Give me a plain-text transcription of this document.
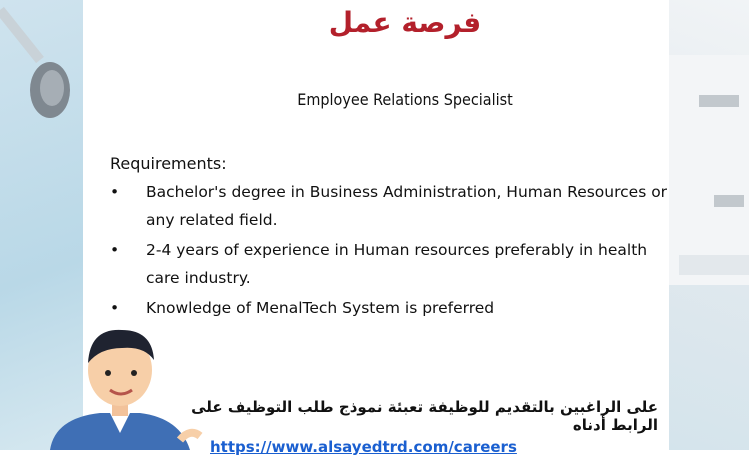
فرصة عمل
Employee Relations Specialist
Requirements:
• Bachelor's degree in Business Administration, Human Resources or any related field.
• 2-4 years of experience in Human resources preferably in health care industry.
• Knowledge of MenalTech System is preferred
على الراغبين بالتقديم للوظيفة تعبئة نموذج طلب التوظيف على الرابط أدناه
https://www.alsayedtrd.com/careers
